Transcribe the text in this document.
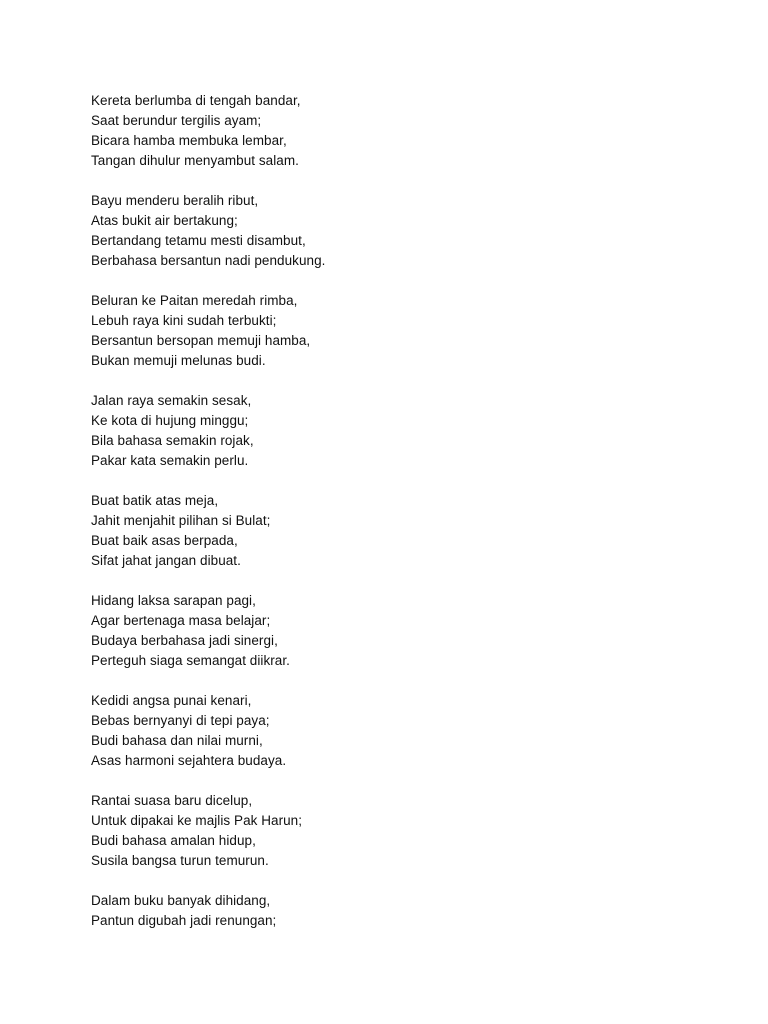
Kereta berlumba di tengah bandar,
Saat berundur tergilis ayam;
Bicara hamba membuka lembar,
Tangan dihulur menyambut salam.
Bayu menderu beralih ribut,
Atas bukit air bertakung;
Bertandang tetamu mesti disambut,
Berbahasa bersantun nadi pendukung.
Beluran ke Paitan meredah rimba,
Lebuh raya kini sudah terbukti;
Bersantun bersopan memuji hamba,
Bukan memuji melunas budi.
Jalan raya semakin sesak,
Ke kota di hujung minggu;
Bila bahasa semakin rojak,
Pakar kata semakin perlu.
Buat batik atas meja,
Jahit menjahit pilihan si Bulat;
Buat baik asas berpada,
Sifat jahat jangan dibuat.
Hidang laksa sarapan pagi,
Agar bertenaga masa belajar;
Budaya berbahasa jadi sinergi,
Perteguh siaga semangat diikrar.
Kedidi angsa punai kenari,
Bebas bernyanyi di tepi paya;
Budi bahasa dan nilai murni,
Asas harmoni sejahtera budaya.
Rantai suasa baru dicelup,
Untuk dipakai ke majlis Pak Harun;
Budi bahasa amalan hidup,
Susila bangsa turun temurun.
Dalam buku banyak dihidang,
Pantun digubah jadi renungan;
